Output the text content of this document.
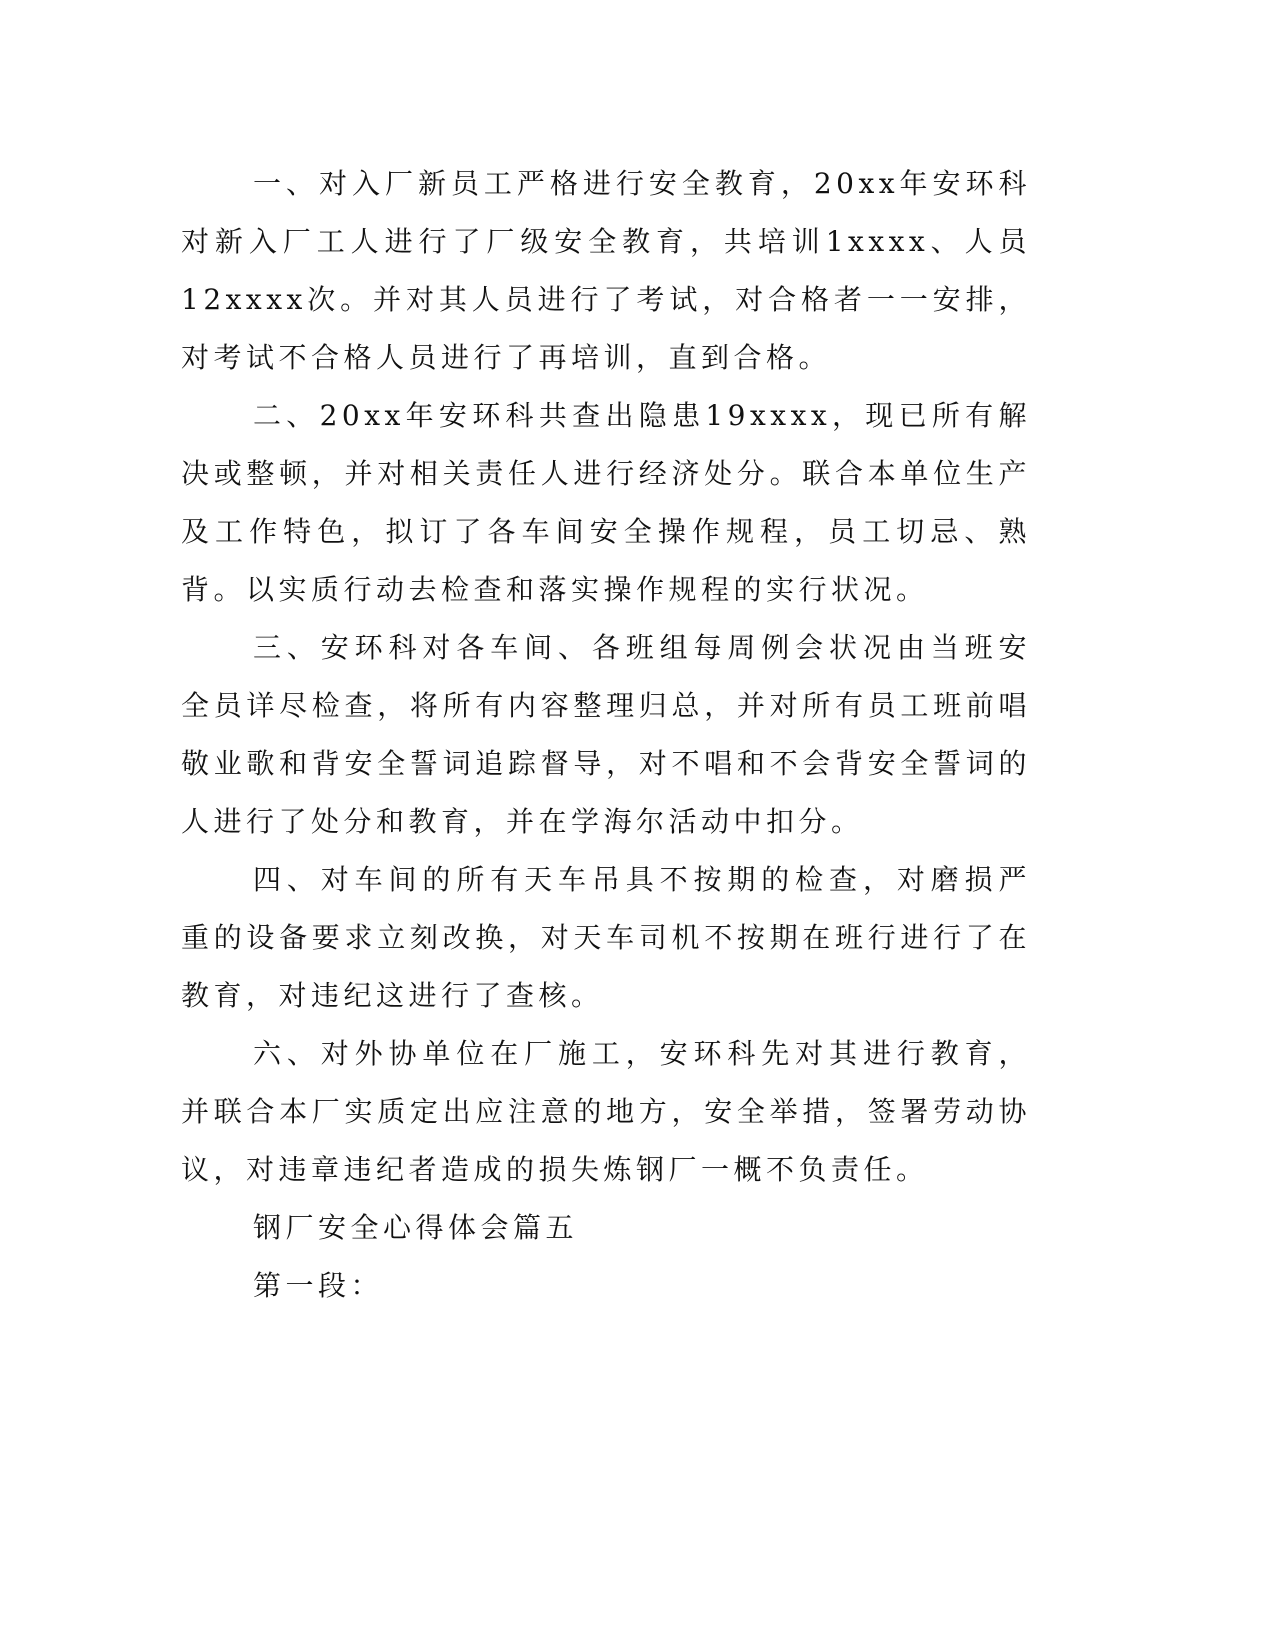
一、对入厂新员工严格进行安全教育，20xx年安环科对新入厂工人进行了厂级安全教育，共培训1xxxx、人员12xxxx次。并对其人员进行了考试，对合格者一一安排，对考试不合格人员进行了再培训，直到合格。

二、20xx年安环科共查出隐患19xxxx，现已所有解决或整顿，并对相关责任人进行经济处分。联合本单位生产及工作特色，拟订了各车间安全操作规程，员工切忌、熟背。以实质行动去检查和落实操作规程的实行状况。

三、安环科对各车间、各班组每周例会状况由当班安全员详尽检查，将所有内容整理归总，并对所有员工班前唱敬业歌和背安全誓词追踪督导，对不唱和不会背安全誓词的人进行了处分和教育，并在学海尔活动中扣分。

四、对车间的所有天车吊具不按期的检查，对磨损严重的设备要求立刻改换，对天车司机不按期在班行进行了在教育，对违纪这进行了查核。

六、对外协单位在厂施工，安环科先对其进行教育，并联合本厂实质定出应注意的地方，安全举措，签署劳动协议，对违章违纪者造成的损失炼钢厂一概不负责任。

钢厂安全心得体会篇五

第一段：
